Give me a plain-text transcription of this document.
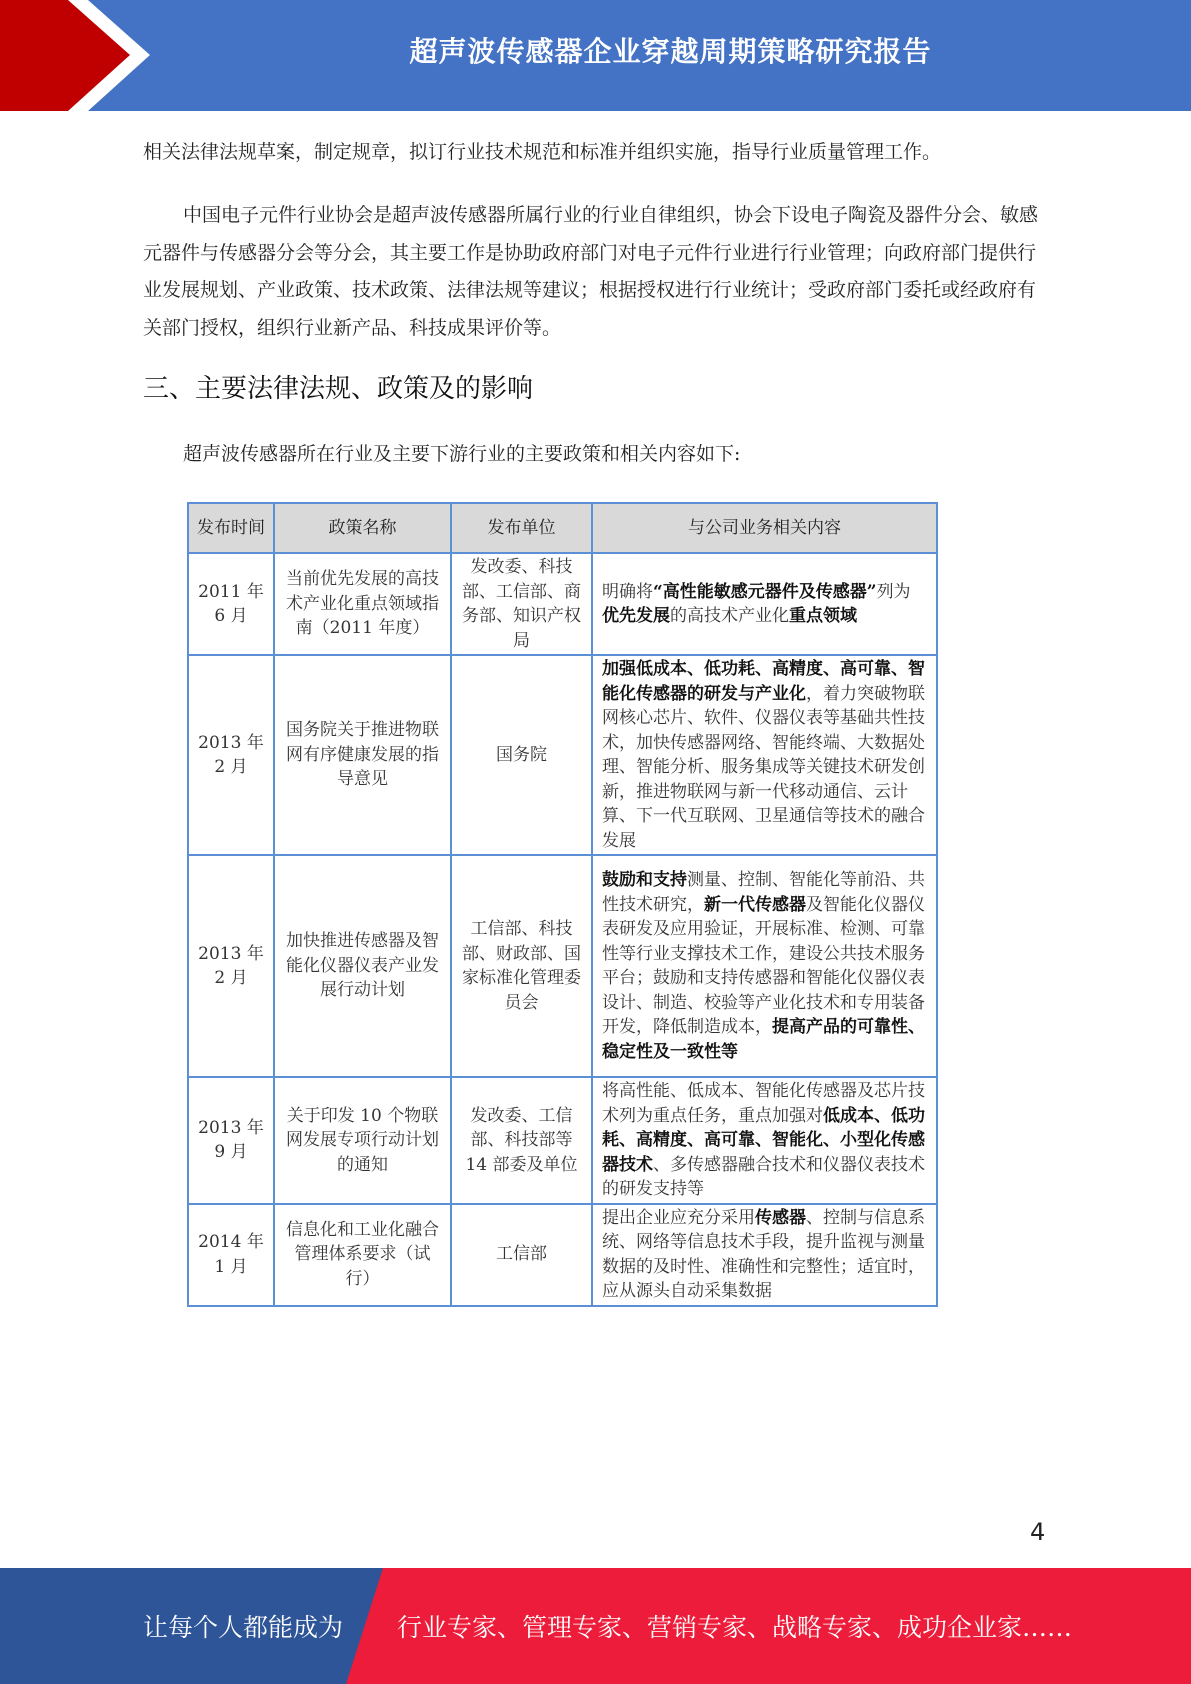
超声波传感器企业穿越周期策略研究报告

相关法律法规草案，制定规章，拟订行业技术规范和标准并组织实施，指导行业质量管理工作。

中国电子元件行业协会是超声波传感器所属行业的行业自律组织，协会下设电子陶瓷及器件分会、敏感元器件与传感器分会等分会，其主要工作是协助政府部门对电子元件行业进行行业管理；向政府部门提供行业发展规划、产业政策、技术政策、法律法规等建议；根据授权进行行业统计；受政府部门委托或经政府有关部门授权，组织行业新产品、科技成果评价等。

三、主要法律法规、政策及的影响

超声波传感器所在行业及主要下游行业的主要政策和相关内容如下:

发布时间	政策名称	发布单位	与公司业务相关内容
2011 年 6 月	当前优先发展的高技术产业化重点领域指南（2011 年度）	发改委、科技部、工信部、商务部、知识产权局	明确将“高性能敏感元器件及传感器”列为优先发展的高技术产业化重点领域
2013 年 2 月	国务院关于推进物联网有序健康发展的指导意见	国务院	加强低成本、低功耗、高精度、高可靠、智能化传感器的研发与产业化，着力突破物联网核心芯片、软件、仪器仪表等基础共性技术，加快传感器网络、智能终端、大数据处理、智能分析、服务集成等关键技术研发创新，推进物联网与新一代移动通信、云计算、下一代互联网、卫星通信等技术的融合发展
2013 年 2 月	加快推进传感器及智能化仪器仪表产业发展行动计划	工信部、科技部、财政部、国家标准化管理委员会	鼓励和支持测量、控制、智能化等前沿、共性技术研究，新一代传感器及智能化仪器仪表研发及应用验证，开展标准、检测、可靠性等行业支撑技术工作，建设公共技术服务平台；鼓励和支持传感器和智能化仪器仪表设计、制造、校验等产业化技术和专用装备开发，降低制造成本，提高产品的可靠性、稳定性及一致性等
2013 年 9 月	关于印发 10 个物联网发展专项行动计划的通知	发改委、工信部、科技部等 14 部委及单位	将高性能、低成本、智能化传感器及芯片技术列为重点任务，重点加强对低成本、低功耗、高精度、高可靠、智能化、小型化传感器技术、多传感器融合技术和仪器仪表技术的研发支持等
2014 年 1 月	信息化和工业化融合管理体系要求（试行）	工信部	提出企业应充分采用传感器、控制与信息系统、网络等信息技术手段，提升监视与测量数据的及时性、准确性和完整性；适宜时，应从源头自动采集数据
4
让每个人都能成为 行业专家、管理专家、营销专家、战略专家、成功企业家……
